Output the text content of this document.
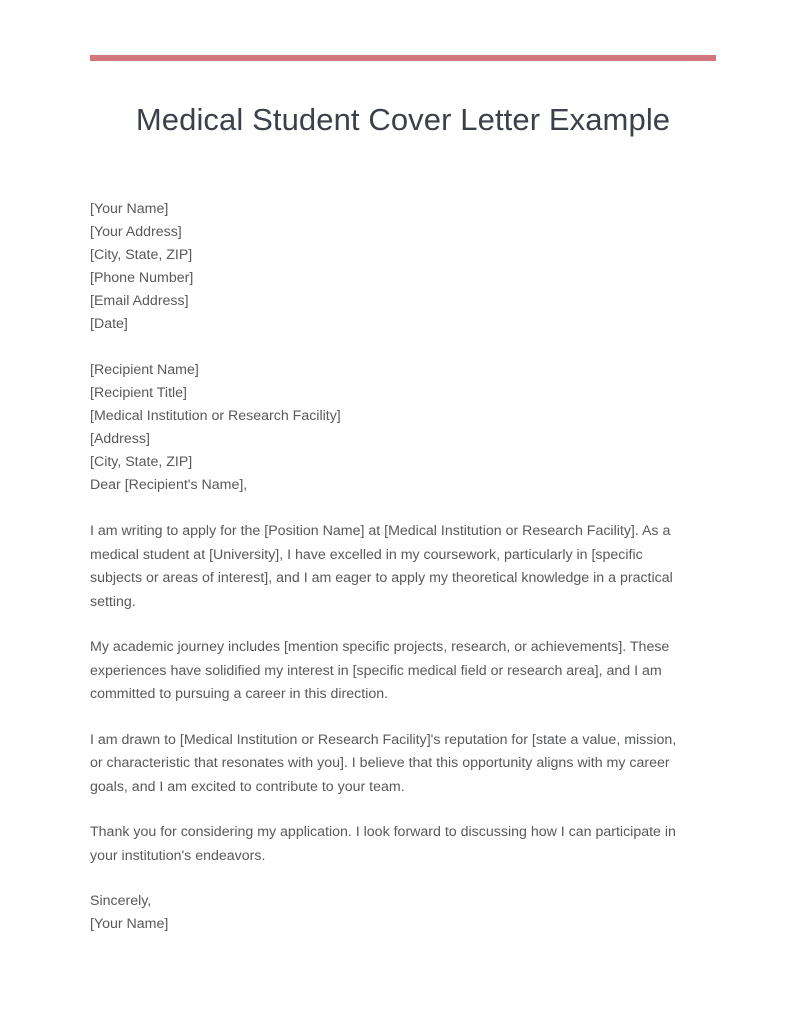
Medical Student Cover Letter Example
[Your Name]
[Your Address]
[City, State, ZIP]
[Phone Number]
[Email Address]
[Date]
[Recipient Name]
[Recipient Title]
[Medical Institution or Research Facility]
[Address]
[City, State, ZIP]
Dear [Recipient's Name],

I am writing to apply for the [Position Name] at [Medical Institution or Research Facility]. As a medical student at [University], I have excelled in my coursework, particularly in [specific subjects or areas of interest], and I am eager to apply my theoretical knowledge in a practical setting.

My academic journey includes [mention specific projects, research, or achievements]. These experiences have solidified my interest in [specific medical field or research area], and I am committed to pursuing a career in this direction.

I am drawn to [Medical Institution or Research Facility]'s reputation for [state a value, mission, or characteristic that resonates with you]. I believe that this opportunity aligns with my career goals, and I am excited to contribute to your team.

Thank you for considering my application. I look forward to discussing how I can participate in your institution's endeavors.

Sincerely,
[Your Name]
